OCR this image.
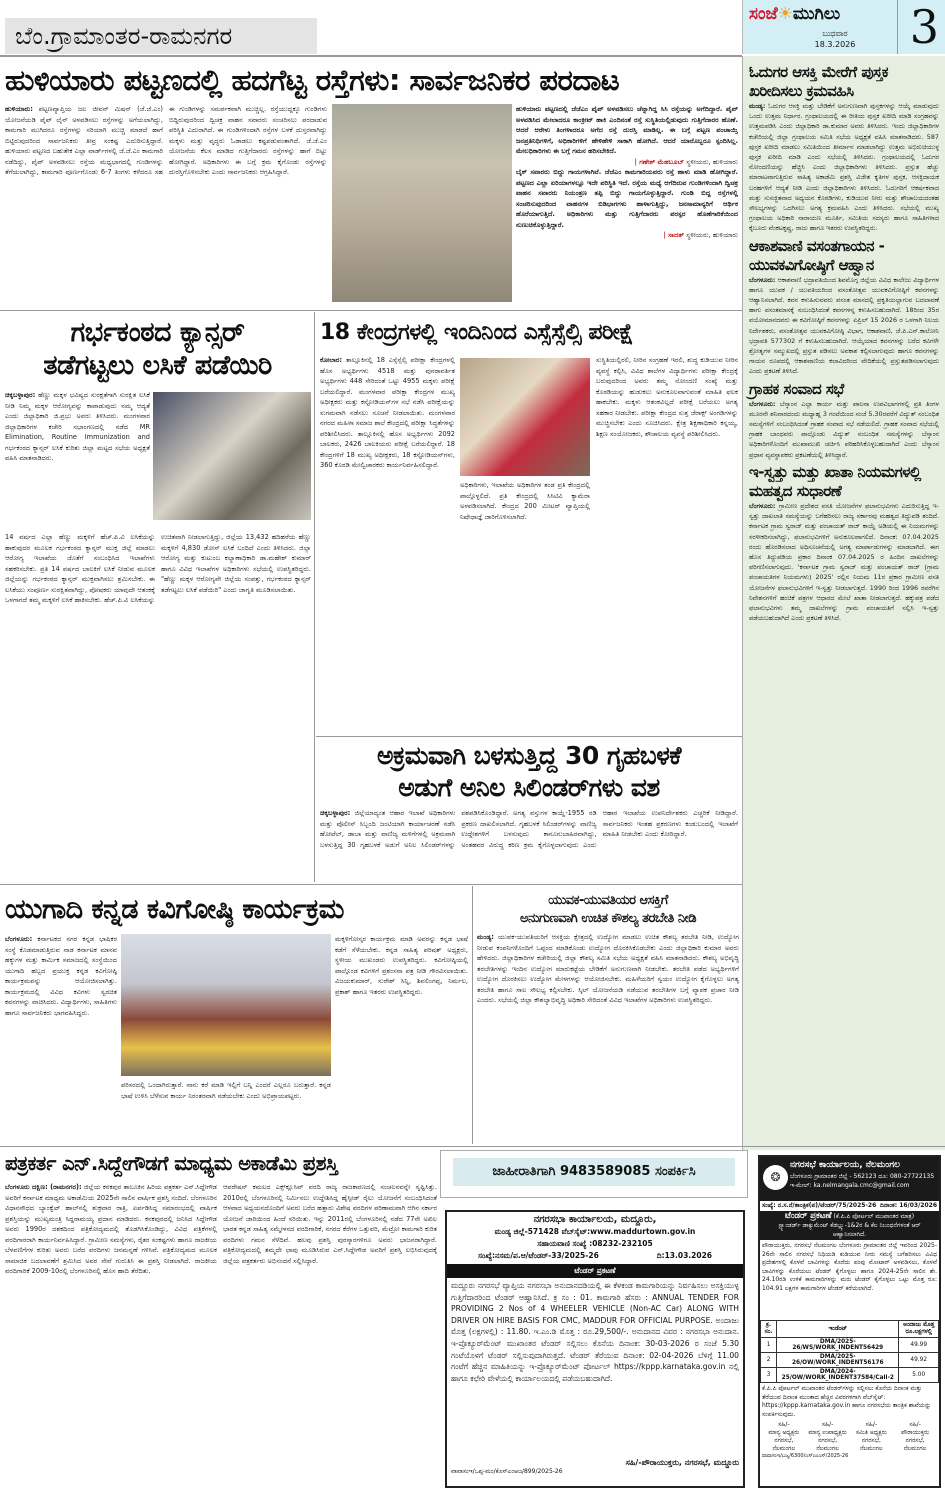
ಬೆಂ.ಗ್ರಾಮಾಂತರ-ರಾಮನಗರ
ಸಂಜೆ☀ಮುಗಿಲು
ಬುಧವಾರ
18.3.2026 3
ಓದುಗರ ಆಸಕ್ತಿ ಮೇರೆಗೆ ಪುಸ್ತಕ ಖರೀದಿಸಲು ಕ್ರಮವಹಿಸಿ
ಮಂಡ್ಯ: ಓದುಗರ ಆಸಕ್ತಿ ಮತ್ತು ಬೇಡಿಕೆಗೆ ಅನುಗುಣವಾಗಿ ಪುಸ್ತಕಗಳನ್ನು ಆಯ್ಕೆ ಮಾಡುವುದು ಒಂದು ಉತ್ತಮ ನಿರ್ಧಾರ. ಗ್ರಂಥಾಲಯದಲ್ಲಿ ಈ ರೀತಿಯ ಪುಸ್ತಕ ಖರೀದಿ ಮಾಡಿ ಸಂಗ್ರಹವನ್ನು ಉತ್ತಮಪಡಿಸಿ ಎಂದು ಜಿಲ್ಲಾಧಿಕಾರಿ ಡಾ.ಕುಮಾರ ಅವರು ತಿಳಿಸಿದರು. ಇಂದು ಜಿಲ್ಲಾಧಿಕಾರಿಗಳ ಕಚೇರಿಯಲ್ಲಿ ಜಿಲ್ಲಾ ಗ್ರಂಥಾಲಯ ಸಮಿತಿ ಸಭೆಯ ಅಧ್ಯಕ್ಷತೆ ವಹಿಸಿ ಮಾತನಾಡಿದರು. 587 ಪುಸ್ತಕ ಖರೀದಿ ಮಾಡಲು ಸಮಿತಿಯಿಂದ ತೀರ್ಮಾನ ಮಾಡಲಾಗಿದ್ದು ಉತ್ತಮ ಅಭಿರುಚಿಯುಳ್ಳ ಪುಸ್ತಕ ಖರೀದಿ ಮಾಡಿ ಎಂದು ಸಭೆಯಲ್ಲಿ ತಿಳಿಸಿದರು. ಗ್ರಂಥಾಲಯದಲ್ಲಿ ಓದುಗರ ನೋಂದಣಿಯನ್ನು ಹೆಚ್ಚಿಸಿ ಎಂದು ಜಿಲ್ಲಾಧಿಕಾರಿಗಳು ತಿಳಿಸಿದರು. ಪ್ರಸ್ತುತ ಹೆಚ್ಚು ಮಾರಾಟವಾಗುತ್ತಿರುವ ಸಾಹಿತ್ಯ ಅಕಾಡೆಮಿ ಪ್ರಶಸ್ತಿ ವಿಜೇತ ಕೃತಿಗಳ ಪುಸ್ತಕ, ಆಸಕ್ತಿದಾಯಕ ಬರಹಗಳಿಗೆ ಆದ್ಯತೆ ನೀಡಿ ಎಂದು ಜಿಲ್ಲಾಧಿಕಾರಿಗಳು ತಿಳಿಸಿದರು. ಓದುಗರಿಗೆ ಆಕರ್ಷಕವಾದ ಮತ್ತು ಸುಸಜ್ಜಿತವಾದ ಅಧ್ಯಯನ ಕೊಠಡಿಗಳು, ಕುಡಿಯುವ ನೀರು ಮತ್ತು ಶೌಚಾಲಯದಂತಹ ಸೌಲಭ್ಯಗಳನ್ನು ಒದಗಿಸಲು ಅಗತ್ಯ ಕ್ರಮವಹಿಸಿ ಎಂದು ತಿಳಿಸಿದರು. ಸಭೆಯಲ್ಲಿ ಮುಖ್ಯ ಗ್ರಂಥಾಲಯ ಅಧಿಕಾರಿ ನಾರಾಯಣ ಮೂರ್ತಿ, ಸಮಿತಿಯ ಸದಸ್ಯರು ಹಾಗೂ ಸಾಹಿತಿಗಳಾದ ಕೈಬೂರು ವೆಂಕಟಕೃಷ್ಣ, ರಾಜು ಹಾಗೂ ಇತರರು ಉಪಸ್ಥಿತರಿದ್ದರು.
ಆಕಾಶವಾಣಿ ವಸಂತಗಾಯನ - ಯುವಕವಿಗೋಷ್ಠಿಗೆ ಆಹ್ವಾನ
ಬೆಂಗಳೂರು: ಆಕಾಶವಾಣಿ ಭದ್ರಾವತಿಯಿಂದ ಶಿವಮೊಗ್ಗ ಜಿಲ್ಲೆಯ ವಿವಿಧ ಕಾಲೇಜು ವಿದ್ಯಾರ್ಥಿಗಳ ಹಾಗೂ ಯುವಕ / ಯುವತಿಯರಿಂದ ವಸಂತೋತ್ಸವ ಯುವಕವಿಗೋಷ್ಠಿಗೆ ಕವನಗಳನ್ನು ಆಹ್ವಾನಿಸಲಾಗಿದೆ. ಕವನ ಕಳುಹಿಸುವವರು ವಸಂತ ಮಾಸದಲ್ಲಿ ಪ್ರಕೃತಿಯಲ್ಲಾಗುವ ಬದಲಾವಣೆ ಹಾಗು ವಸಂತಮಾಸಕ್ಕೆ ಸಂಬಂಧಿಸಿದಂತೆ ಕವನಗಳನ್ನ ಕಳುಹಿಸಬಹುದಾಗಿದೆ. 18ರಿಂದ 35ರ ವಯೋಮಾನದವರು ಈ ಕವಿಗೋಷ್ಠಿಗೆ ಕವನಗಳನ್ನು ಏಪ್ರಿಲ್ 15 2026 ರ ಒಳಗಾಗಿ ನಿಲಯ ನಿರ್ದೇಶಕರು, ವಸಂತೋತ್ಸವ ಯುವಕವಿಗೋಷ್ಠಿ ವಿಭಾಗ, ಆಕಾಶವಾಣಿ, ಜೆ.ಪಿ.ಎಸ್.ಕಾಲೋನಿ ಭದ್ರಾವತಿ 577302 ಗೆ ಕಳುಹಿಸಬಹುದಾಗಿದೆ. ಆಯ್ಕೆಯಾದ ಕವನಗಳನ್ನು ಬರೆದ ಕವಿಗಳೇ ಶ್ರೋತೃಗಳ ಸಮ್ಮುಖದಲ್ಲಿ ಪ್ರಸ್ತುತ ಪಡಿಸಲು ಅವಕಾಶ ಕಲ್ಪಿಸಲಾಗುವುದು ಹಾಗೂ ಕವನಗಳನ್ನು ಗಾಯನ ರೂಪದಲ್ಲಿ ಆಕಾಶವಾಣಿಯ ಕಲಾವಿದರಿಂದ ವೇದಿಕೆಯಲ್ಲಿ ಪ್ರಸ್ತುತಪಡಿಸಲಾಗುವುದು ಎಂದು ಪ್ರಕಟಣೆ ತಿಳಿಸಿದೆ.
ಗ್ರಾಹಕ ಸಂವಾದ ಸಭೆ
ಬೆಂಗಳೂರು: ಬೆಸ್ಕಾಂನ ಎಲ್ಲಾ ಕಾರ್ಯ ಮತ್ತು ಪಾಲನಾ ಉಪವಿಭಾಗಗಳಲ್ಲಿ ಪ್ರತಿ ತಿಂಗಳ ಮೂರನೇ ಶನಿವಾರದಂದು ಮಧ್ಯಾಹ್ನ 3 ಗಂಟೆಯಿಂದ ಸಂಜೆ 5.30ರವರೆಗೆ ವಿದ್ಯುತ್ ಸಂಬಂಧಿತ ಸಮಸ್ಯೆಗಳಿಗೆ ಸಂಬಂಧಿಸಿದಂತೆ ಗ್ರಾಹಕ ಸಂವಾದ ಸಭೆ ನಡೆಯಲಿದೆ. ಗ್ರಾಹಕ ಸಂವಾದ ಸಭೆಯಲ್ಲಿ ಗ್ರಾಹಕ ಬಾಂಧವರು ಪಾಲ್ಗೊಂಡು ವಿದ್ಯುತ್ ಸಂಬಂಧಿತ ಸಮಸ್ಯೆಗಳನ್ನು ಬೆಸ್ಕಾಂನ ಅಧಿಕಾರಿಗಳೊಂದಿಗೆ ಮುಖಾಮುಖಿ ಚರ್ಚಿಸಿ ಪರಿಹರಿಸಿಕೊಳ್ಳಬಹುದಾಗಿದೆ ಎಂದು ಬೆಸ್ಕಾಂನ ಪ್ರಧಾನ ವ್ಯವಸ್ಥಾಪಕರು ಪ್ರಕಟಣೆಯಲ್ಲಿ ತಿಳಿಸಿದ್ದಾರೆ.
ಇ-ಸ್ವತ್ತು ಮತ್ತು ಖಾತಾ ನಿಯಮಗಳಲ್ಲಿ ಮಹತ್ವದ ಸುಧಾರಣೆ
ಬೆಂಗಳೂರು: ಗ್ರಾಮೀಣ ಪ್ರದೇಶದ ವಸತಿ ಯೋಜನೆಗಳ ಫಲಾನುಭವಿಗಳು ಎದುರಿಸುತ್ತಿದ್ದ ಇ-ಸ್ವತ್ತು ದಾಖಲಾತಿ ಸಮಸ್ಯೆಯನ್ನು ಬಗೆಹರಿಸಲು ರಾಜ್ಯ ಸರ್ಕಾರವು ಮಹತ್ವದ ತಿದ್ದುಪಡಿ ತಂದಿದೆ. ಕರ್ನಾಟಕ ಗ್ರಾಮ ಸ್ವರಾಜ್ ಮತ್ತು ಪಂಚಾಯತ್ ರಾಜ್ ಕಾಯ್ದೆ ಅಡಿಯಲ್ಲಿ ಈ ನಿಯಮಗಳನ್ನು ಸರಳೀಕರಿಸಲಾಗಿದ್ದು, ಫಲಾನುಭವಿಗಳಿಗೆ ಅನುಕೂಲವಾಗಲಿದೆ. ದಿನಾಂಕ: 07.04.2025 ರಂದು ಹೊರಡಿಸಲಾದ ಅಧಿಸೂಚನೆಯಲ್ಲಿ ಅಗತ್ಯ ಮಾರ್ಪಾಡುಗಳನ್ನು ಮಾಡಲಾಗಿದೆ. ಈಗ ಹೊಸ ತಿದ್ದುಪಡಿಯ ಪ್ರಕಾರ ದಿನಾಂಕ 07.04.2025 ರ ಹಿಂದಿನ ದಾಖಲೆಗಳನ್ನು ಪರಿಗಣಿಸಲಾಗುವುದು. 'ಕರ್ನಾಟಕ ಗ್ರಾಮ ಸ್ವರಾಜ್ ಮತ್ತು ಪಂಚಾಯತ್ ರಾಜ್ (ಗ್ರಾಮ ಪಂಚಾಯತಿಗಳ ನಿಯಮಗಳು) 2025' ರಲ್ಲಿನ ನಿಯಮ 11ರ ಪ್ರಕಾರ ಗ್ರಾಮೀಣ ವಸತಿ ಯೋಜನೆಗಳ ಫಲಾನುಭವಿಗಳಿಗೆ ಇ-ಸ್ವತ್ತು ನೀಡಲಾಗುತ್ತದೆ. 1990 ರಿಂದ 1996 ರವರೆಗಿನ ನಿವೇಶನಗಳಿಗೆ ಹಂಚಿಕೆ ಪತ್ರಗಳ ಆಧಾರದ ಮೇಲೆ ಖಾತಾ ನೀಡಲಾಗುತ್ತದೆ. ಹಕ್ಕುಪತ್ರ ಪಡೆದ ಫಲಾನುಭವಿಗಳು ತಮ್ಮ ದಾಖಲೆಗಳನ್ನು ಗ್ರಾಮ ಪಂಚಾಯತಿಗೆ ಸಲ್ಲಿಸಿ ಇ-ಸ್ವತ್ತು ಪಡೆಯಬಹುದಾಗಿದೆ ಎಂದು ಪ್ರಕಟಣೆ ತಿಳಿಸಿದೆ.
ಹುಳಿಯಾರು ಪಟ್ಟಣದಲ್ಲಿ ಹದಗೆಟ್ಟ ರಸ್ತೆಗಳು: ಸಾರ್ವಜನಿಕರ ಪರದಾಟ
ಹುಳಿಯಾರು: ಪಟ್ಟಣವ್ಯಾಪ್ತಿಯ ಜಲ ಜೀವನ್ ಮಿಷನ್ (ಜೆ.ಜೆ.ಎಂ) ಯೋಜನೆಯಡಿ ಪೈಪ್ ಲೈನ್ ಅಳವಡಿಸಲು ರಸ್ತೆಗಳನ್ನು ಅಗೆಯಲಾಗಿದ್ದು, ಕಾಮಗಾರಿ ಮುಗಿದರೂ ರಸ್ತೆಗಳನ್ನು ಸರಿಯಾಗಿ ಮುಚ್ಚಿ ಮಾಡದೆ ಹಾಗೆ ಬಿಟ್ಟಿರುವುದರಿಂದ ಸಾರ್ವಜನಿಕರು ತೀವ್ರ ಸಂಕಷ್ಟ ಎದುರಿಸುತ್ತಿದ್ದಾರೆ. ಹುಳಿಯಾರು ಪಟ್ಟಣದ ಬಹುತೇಕ ಎಲ್ಲಾ ವಾರ್ಡ್‌ಗಳಲ್ಲಿ ಜೆ.ಜೆ.ಎಂ ಕಾಮಗಾರಿ ನಡೆದಿದ್ದು, ಪೈಪ್ ಅಳವಡಿಸಲು ರಸ್ತೆಯ ಮಧ್ಯಭಾಗದಲ್ಲಿ ಗುಂಡಿಗಳನ್ನು ತೆಗೆಯಲಾಗಿದ್ದು, ಕಾಮಗಾರಿ ಪೂರ್ಣಗೊಂಡು 6-7 ತಿಂಗಳು ಕಳೆದರೂ ಸಹ ಈ ಗುಂಡಿಗಳನ್ನು ಸಮರ್ಪಕವಾಗಿ ಮುಚ್ಚಿಲ್ಲ. ರಸ್ತೆಯುದ್ದಕ್ಕೂ ಗುಂಡಿಗಳು ಬಿದ್ದಿರುವುದರಿಂದ ದ್ವಿಚಕ್ರ ವಾಹನ ಸವಾರರು ಸಂಚರಿಸಲು ಪರದಾಡುವ ಪರಿಸ್ಥಿತಿ ಎದುರಾಗಿದೆ. ಈ ಗುಂಡಿಗಳಿಂದಾಗಿ ರಸ್ತೆಗಳ ಬಳಕೆ ದುಸ್ತರವಾಗಿದ್ದು ಮಕ್ಕಳು ಮತ್ತು ವೃದ್ಧರು ಓಡಾಡಲು ಕಷ್ಟಪಡುವಂತಾಗಿದೆ. ಜೆ.ಜೆ.ಎಂ ಯೋಜನೆಯ ಕೆಲಸ ಮಾಡಿದ ಗುತ್ತಿಗೆದಾರರು ರಸ್ತೆಗಳನ್ನು ಹಾಗೆ ಬಿಟ್ಟು ಹೋಗಿದ್ದಾರೆ. ಅಧಿಕಾರಿಗಳು ಈ ಬಗ್ಗೆ ಕ್ರಮ ಕೈಗೊಂಡು ರಸ್ತೆಗಳನ್ನು ದುರಸ್ತಿಗೊಳಿಸಬೇಕು ಎಂದು ಸಾರ್ವಜನಿಕರು ಆಗ್ರಹಿಸಿದ್ದಾರೆ.
ಹುಳಿಯಾರು ಪಟ್ಟಣದಲ್ಲಿ ಜೆಜೆಎಂ ಪೈಪ್ ಅಳವಡಿಸಲು ಚೆನ್ನಾಗಿದ್ದ ಸಿಸಿ ರಸ್ತೆಯನ್ನು ಅಗೆದಿದ್ದಾರೆ. ಪೈಪ್ ಅಳವಡಿಸಿದ ಮೇಲಾದರೂ ಕಾಂಕ್ರೀಟ್ ಹಾಕಿ ಎಂದಿನಂತೆ ರಸ್ತೆ ಸುಸ್ಥಿತಿಯಲ್ಲಿಡುವುದು ಗುತ್ತಿಗೆದಾರರ ಹೊಣೆ. ಆದರೆ ಆರೇಳು ತಿಂಗಳಾದರೂ ಅಗೆದ ರಸ್ತೆ ದುರಸ್ತಿ ಮಾಡಿಲ್ಲ. ಈ ಬಗ್ಗೆ ಪಟ್ಟಣ ಪಂಚಾಯ್ತಿ ಜನಪ್ರತಿನಿಧಿಗಳಿಗೆ, ಅಧಿಕಾರಿಗಳಿಗೆ ಹೇಳಿಹೇಳಿ ಸಾಕಾಗಿ ಹೋಗಿದೆ. ಆದರೆ ಯಾರೊಬ್ಬರೂ ಸ್ಪಂದಿಸಿಲ್ಲ. ಮೇಲಧಿಕಾರಿಗಳು ಈ ಬಗ್ಗೆ ಗಮನ ಹರಿಸಬೇಕಿದೆ.
| ಗಣೇಶ್ ಮೆಹಬೂಬ್ ಸ್ಥಳೀಯರು, ಹುಳಿಯಾರು
ಬೈಕ್ ಸವಾರರು ಬಿದ್ದು ಗಾಯಗಳಾಗಿವೆ. ಜೆಜೆಎಂ ಕಾಮಗಾರಿಯವರು ರಸ್ತೆ ಹಾಳು ಮಾಡಿ ಹೋಗಿದ್ದಾರೆ. ಪಟ್ಟಣದ ಎಲ್ಲಾ ಏರಿಯಾಗಳಲ್ಲೂ ಇದೇ ಪರಿಸ್ಥಿತಿ ಇದೆ. ರಸ್ತೆಯ ಮಧ್ಯೆ ಆಗೆದಿರುವ ಗುಂಡಿಗಳಿಂದಾಗಿ ದ್ವಿಚಕ್ರ ವಾಹನ ಸವಾರರು ನಿಯಂತ್ರಣ ತಪ್ಪಿ ಬಿದ್ದು ಗಾಯಗೊಳ್ಳುತ್ತಿದ್ದಾರೆ. ಗುಂಡಿ ಬಿದ್ದ ರಸ್ತೆಗಳಲ್ಲಿ ಸಂಚರಿಸುವುದರಿಂದ ವಾಹನಗಳ ಬಿಡಿಭಾಗಗಳು ಹಾಳಾಗುತ್ತಿದ್ದು, ಜನಸಾಮಾನ್ಯರಿಗೆ ಆರ್ಥಿಕ ಹೊರೆಯಾಗುತ್ತಿದೆ. ಅಧಿಕಾರಿಗಳು ಮತ್ತು ಗುತ್ತಿಗೆದಾರರು ಪರಸ್ಪರ ಹೊಣೆಗಾರಿಕೆಯಿಂದ ನುಣುಚಿಕೊಳ್ಳುತ್ತಿದ್ದಾರೆ.
| ಸಾದತ್ ಸ್ಥಳೀಯರು, ಹುಳಿಯಾರು
ಗರ್ಭಕಂಠದ ಕ್ಯಾನ್ಸರ್
ತಡೆಗಟ್ಟಲು ಲಸಿಕೆ ಪಡೆಯಿರಿ
ಚಿಕ್ಕಬಳ್ಳಾಪುರ: ಹೆಣ್ಣು ಮಕ್ಕಳ ಭವಿಷ್ಯದ ಸುರಕ್ಷತೆಗಾಗಿ ಸುರಕ್ಷಿತ ಲಸಿಕೆ ನೀಡಿ ನಿಮ್ಮ ಮಕ್ಕಳ ಆರೋಗ್ಯವನ್ನು ಕಾಪಾಡುವುದು ನಮ್ಮ ಆದ್ಯತೆ ಎಂದು ಜಿಲ್ಲಾಧಿಕಾರಿ ಜಿ.ಪ್ರಭು ಅವರು ತಿಳಿಸಿದರು. ಮಂಗಳವಾರ ಜಿಲ್ಲಾಧಿಕಾರಿಗಳ ಕಚೇರಿ ಸಭಾಂಗಣದಲ್ಲಿ ನಡೆದ MR Elimination, Routine Immunization and ಗರ್ಭಕಂಠದ ಕ್ಯಾನ್ಸರ್ ಲಸಿಕೆ ಕುರಿತು ಜಿಲ್ಲಾ ಮಟ್ಟದ ಸಭೆಯ ಅಧ್ಯಕ್ಷತೆ ವಹಿಸಿ ಮಾತನಾಡಿದರು.
14 ವರ್ಷದ ಎಲ್ಲಾ ಹೆಣ್ಣು ಮಕ್ಕಳಿಗೆ ಹೆಚ್.ಪಿ.ವಿ ಲಸಿಕೆಯನ್ನು ಹಾಕುವುದರ ಮೂಲಕ ಗರ್ಭಕಂಠದ ಕ್ಯಾನ್ಸರ್ ಮುಕ್ತ ಜಿಲ್ಲೆ ಮಾಡಲು ಆರೋಗ್ಯ ಇಲಾಖೆಯ ಜೊತೆಗೆ ಸಂಬಂಧಿಸಿದ ಇಲಾಖೆಗಳು ಸಹಕರಿಸಬೇಕು. ಪ್ರತಿ 14 ವರ್ಷದ ಬಾಲಕಿಗೆ ಲಸಿಕೆ ನೀಡುವ ಮೂಲಕ ಜಿಲ್ಲೆಯನ್ನು ಗರ್ಭಕಂಠದ ಕ್ಯಾನ್ಸರ್ ಮುಕ್ತವಾಗಿಸಲು ಶ್ರಮಿಸಬೇಕು. ಈ ಲಸಿಕೆಯು ಸಂಪೂರ್ಣ ಸುರಕ್ಷಿತವಾಗಿದ್ದು, ಪೋಷಕರು ಯಾವುದೇ ಆತಂಕಕ್ಕೆ ಒಳಗಾಗದೆ ತಮ್ಮ ಮಕ್ಕಳಿಗೆ ಲಸಿಕೆ ಹಾಕಿಸಬೇಕು. ಹೆಚ್.ಪಿ.ವಿ ಲಸಿಕೆಯನ್ನು ಉಚಿತವಾಗಿ ನೀಡಲಾಗುತ್ತಿದ್ದು, ಜಿಲ್ಲೆಯ 13,432 ಹದಿಹರೆಯ ಹೆಣ್ಣು ಮಕ್ಕಳಿಗೆ 4,830 ಡೋಸ್ ಲಸಿಕೆ ಬಂದಿದೆ ಎಂದು ತಿಳಿಸಿದರು. ಜಿಲ್ಲಾ ಆರೋಗ್ಯ ಮತ್ತು ಕುಟುಂಬ ಕಲ್ಯಾಣಾಧಿಕಾರಿ ಡಾ.ಮಹೇಶ್ ಕುಮಾರ್ ಹಾಗೂ ವಿವಿಧ ಇಲಾಖೆಗಳ ಅಧಿಕಾರಿಗಳು ಸಭೆಯಲ್ಲಿ ಉಪಸ್ಥಿತರಿದ್ದರು. "ಹೆಣ್ಣು ಮಕ್ಕಳ ಆರೋಗ್ಯವೇ ಜಿಲ್ಲೆಯ ಸಂಪತ್ತು, ಗರ್ಭಕಂಠದ ಕ್ಯಾನ್ಸರ್ ತಡೆಗಟ್ಟಲು ಲಸಿಕೆ ಪಡೆಯಿರಿ" ಎಂದು ಜಾಗೃತಿ ಮೂಡಿಸಲಾಯಿತು.
18 ಕೇಂದ್ರಗಳಲ್ಲಿ ಇಂದಿನಿಂದ ಎಸ್ಸೆಸ್ಸೆಲ್ಸಿ ಪರೀಕ್ಷೆ
ಕೋಲಾರ: ತಾಲ್ಲೂಕಿನಲ್ಲಿ 18 ಎಸ್ಸೆಸ್ಸೆಲ್ಸಿ ಪರೀಕ್ಷಾ ಕೇಂದ್ರಗಳಲ್ಲಿ ಹೊಸ ಅಭ್ಯರ್ಥಿಗಳು 4518 ಮತ್ತು ಪುನರಾವರ್ತಿತ ಅಭ್ಯರ್ಥಿಗಳು 448 ಸೇರಿದಂತೆ ಒಟ್ಟು 4955 ಮಕ್ಕಳು ಪರೀಕ್ಷೆ ಬರೆಯಲಿದ್ದಾರೆ. ಮಂಗಳವಾರ ಪರೀಕ್ಷಾ ಕೇಂದ್ರಗಳ ಮುಖ್ಯ ಅಧೀಕ್ಷಕರು ಮತ್ತು ಕಸ್ಟೋಡಿಯನ್‌ಗಳ ಸಭೆ ನಡೆಸಿ ಪರೀಕ್ಷೆಯನ್ನು ಸುಗಮವಾಗಿ ನಡೆಸಲು ಸೂಚನೆ ನೀಡಲಾಯಿತು. ಮಂಗಳವಾರ ನಗರದ ಮಹಿಳಾ ಸಮಾಜ ಶಾಲೆ ಕೇಂದ್ರದಲ್ಲಿ ಪರೀಕ್ಷಾ ಸಿದ್ಧತೆಗಳನ್ನು ಪರಿಶೀಲಿಸಿದರು. ತಾಲ್ಲೂಕಿನಲ್ಲಿ ಹೊಸ ಅಭ್ಯರ್ಥಿಗಳು 2092 ಬಾಲಕರು, 2426 ಬಾಲಕಿಯರು ಪರೀಕ್ಷೆ ಬರೆಯಲಿದ್ದಾರೆ. 18 ಕೇಂದ್ರಗಳಿಗೆ 18 ಮುಖ್ಯ ಅಧೀಕ್ಷಕರು, 18 ಕಸ್ಟೋಡಿಯನ್‌ಗಳು, 360 ಕೊಠಡಿ ಮೇಲ್ವಿಚಾರಕರು ಕಾರ್ಯನಿರ್ವಹಿಸಲಿದ್ದಾರೆ.
ಅಧಿಕಾರಿಗಳು, ಇಲಾಖೆಯ ಅಧಿಕಾರಿಗಳ ತಂಡ ಪ್ರತಿ ಕೇಂದ್ರದಲ್ಲಿ ಪಾಲ್ಗೊಳ್ಳಲಿದೆ. ಪ್ರತಿ ಕೇಂದ್ರದಲ್ಲಿ ಸಿಸಿಟಿವಿ ಕ್ಯಾಮೆರಾ ಅಳವಡಿಸಲಾಗಿದೆ. ಕೇಂದ್ರದ 200 ಮೀಟರ್ ವ್ಯಾಪ್ತಿಯಲ್ಲಿ ನಿಷೇಧಾಜ್ಞೆ ಜಾರಿಗೊಳಿಸಲಾಗಿದೆ.
ಸುಸ್ಥಿತಿಯಲ್ಲಿರಲಿ, ನೀರಿನ ಸಂಗ್ರಹಣೆ ಇರಲಿ, ಶುದ್ಧ ಕುಡಿಯುವ ನೀರಿನ ವ್ಯವಸ್ಥೆ ಕಲ್ಪಿಸಿ, ವಿವಿಧ ಶಾಲೆಗಳ ವಿದ್ಯಾರ್ಥಿಗಳು ಪರೀಕ್ಷಾ ಕೇಂದ್ರಕ್ಕೆ ಬರುವುದರಿಂದ ಅವರು ತಮ್ಮ ನೋಂದಣಿ ಸಂಖ್ಯೆ ಮತ್ತು ಕೊಠಡಿಯನ್ನು ಹುಡುಕಲು ಅನುಕೂಲವಾಗುವಂತೆ ಮಾಹಿತಿ ಫಲಕ ಹಾಕಬೇಕು. ಮಕ್ಕಳು ಆತಂಕವಿಲ್ಲದೆ ಪರೀಕ್ಷೆ ಬರೆಯಲು ಅಗತ್ಯ ಸಹಕಾರ ನೀಡಬೇಕು. ಪರೀಕ್ಷಾ ಕೇಂದ್ರದ ಸುತ್ತ ಜೆರಾಕ್ಸ್ ಅಂಗಡಿಗಳನ್ನು ಮುಚ್ಚಿಸಬೇಕು ಎಂದು ಸೂಚಿಸಿದರು. ಕ್ಷೇತ್ರ ಶಿಕ್ಷಣಾಧಿಕಾರಿ ಕನ್ನಯ್ಯ, ಶಿಕ್ಷಣ ಸಂಯೋಜಕರು, ಶೌಚಾಲಯ ವ್ಯವಸ್ಥೆ ಪರಿಶೀಲಿಸಿದರು.
ಅಕ್ರಮವಾಗಿ ಬಳಸುತ್ತಿದ್ದ 30 ಗೃಹಬಳಕೆ
ಅಡುಗೆ ಅನಿಲ ಸಿಲಿಂಡರ್‌ಗಳು ವಶ
ಚಿಕ್ಕಬಳ್ಳಾಪುರ: ಜಿಲ್ಲೆಯಾದ್ಯಂತ ಆಹಾರ ಇಲಾಖೆ ಅಧಿಕಾರಿಗಳು ಮತ್ತು ಪೊಲೀಸ್ ಸಿಬ್ಬಂದಿ ಜಂಟಿಯಾಗಿ ಕಾರ್ಯಾಚರಣೆ ನಡೆಸಿ ಹೋಟೆಲ್, ಡಾಬಾ ಮತ್ತು ವಾಣಿಜ್ಯ ಮಳಿಗೆಗಳಲ್ಲಿ ಅಕ್ರಮವಾಗಿ ಬಳಸುತ್ತಿದ್ದ 30 ಗೃಹಬಳಕೆ ಅಡುಗೆ ಅನಿಲ ಸಿಲಿಂಡರ್‌ಗಳನ್ನು ವಶಪಡಿಸಿಕೊಂಡಿದ್ದಾರೆ. ಅಗತ್ಯ ವಸ್ತುಗಳ ಕಾಯ್ದೆ-1955 ರಡಿ ಪ್ರಕರಣ ದಾಖಲಿಸಲಾಗಿದೆ. ಗೃಹಬಳಕೆ ಸಿಲಿಂಡರ್‌ಗಳನ್ನು ವಾಣಿಜ್ಯ ಉದ್ದೇಶಗಳಿಗೆ ಬಳಸುವುದು ಕಾನೂನುಬಾಹಿರವಾಗಿದ್ದು, ಅಂತಹವರ ವಿರುದ್ಧ ಕಠಿಣ ಕ್ರಮ ಕೈಗೊಳ್ಳಲಾಗುವುದು ಎಂದು ಆಹಾರ ಇಲಾಖೆಯ ಉಪನಿರ್ದೇಶಕರು ಎಚ್ಚರಿಕೆ ನೀಡಿದ್ದಾರೆ. ಸಾರ್ವಜನಿಕರು ಇಂತಹ ಪ್ರಕರಣಗಳು ಕಂಡುಬಂದಲ್ಲಿ ಇಲಾಖೆಗೆ ಮಾಹಿತಿ ನೀಡಬೇಕು ಎಂದು ಕೋರಿದ್ದಾರೆ.
ಯುಗಾದಿ ಕನ್ನಡ ಕವಿಗೋಷ್ಠಿ ಕಾರ್ಯಕ್ರಮ
ಬೆಂಗಳೂರು: ಕರ್ನಾಟಕದ ನಗರ ಕನ್ನಡ ಭಾಷಿಕರ ಸಂಸ್ಥೆ ಕೊಡಮಾಡುತ್ತಿರುವ ನಾಡ ಕರ್ನಾಟಕ ಮಾನವ ಹಕ್ಕುಗಳ ಮತ್ತು ಕಾರ್ಮಿಕ ಸಮಾಜದಲ್ಲಿ ಸಂಸ್ಥೆಯಿಂದ ಯುಗಾದಿ ಹಬ್ಬದ ಪ್ರಯುಕ್ತ ಕನ್ನಡ ಕವಿಗೋಷ್ಠಿ ಕಾರ್ಯಕ್ರಮವನ್ನು ಆಯೋಜಿಸಲಾಗಿತ್ತು. ಕಾರ್ಯಕ್ರಮದಲ್ಲಿ ವಿವಿಧ ಕವಿಗಳು ಸ್ವರಚಿತ ಕವನಗಳನ್ನು ವಾಚಿಸಿದರು. ವಿದ್ಯಾರ್ಥಿಗಳು, ಸಾಹಿತಿಗಳು ಹಾಗೂ ಸಾರ್ವಜನಿಕರು ಭಾಗವಹಿಸಿದ್ದರು.
ಪರಿಸರದಲ್ಲಿ ಒಂದಾಗಿರುತ್ತಾರೆ. ನಾನು ಕರೆ ಮಾಡಿ ಇಲ್ಲಿಗೆ ಬನ್ನಿ ಎಂದರೆ ಎಲ್ಲರೂ ಬರುತ್ತಾರೆ. ಕನ್ನಡ ಭಾಷೆ ಉಳಿಸಿ ಬೆಳೆಸುವ ಕಾರ್ಯ ನಿರಂತರವಾಗಿ ನಡೆಯಬೇಕು ಎಂದು ಅಭಿಪ್ರಾಯಪಟ್ಟರು.
ಮಕ್ಕಳಿಗೋಸ್ಕರ ಕಾರ್ಯಕ್ರಮ ಮಾಡಿ ಅವರನ್ನು ಕನ್ನಡ ಭಾಷೆ ಕಡೆಗೆ ಸೆಳೆಯಬೇಕು. ಕನ್ನಡ ಸಾಹಿತ್ಯ ಪರಿಷತ್ ಅಧ್ಯಕ್ಷರು, ಸ್ಥಳೀಯ ಮುಖಂಡರು ಉಪಸ್ಥಿತರಿದ್ದರು. ಕವಿಗೋಷ್ಠಿಯಲ್ಲಿ ಪಾಲ್ಗೊಂಡ ಕವಿಗಳಿಗೆ ಪ್ರಶಂಸನಾ ಪತ್ರ ನೀಡಿ ಗೌರವಿಸಲಾಯಿತು. ವಿಜಯಕುಮಾರ್, ಸುರೇಶ್ ಸಿನ್ನಿ, ಶಿವಲಿಂಗಪ್ಪ, ನಿರ್ಮಲ, ಪ್ರಕಾಶ್ ಹಾಗೂ ಇತರರು ಉಪಸ್ಥಿತರಿದ್ದರು.
ಯುವಕ-ಯುವತಿಯರ ಆಸಕ್ತಿಗೆ
ಅನುಗುಣವಾಗಿ ಉಚಿತ ಕೌಶಲ್ಯ ತರಬೇತಿ ನೀಡಿ
ಮಂಡ್ಯ: ಯುವಕ-ಯುವತಿಯರಿಗೆ ಆಸಕ್ತಿಯ ಕ್ಷೇತ್ರದಲ್ಲಿ ಉದ್ಯೋಗ ಮಾಡಲು ಉಚಿತ ಕೌಶಲ್ಯ ತರಬೇತಿ ನೀಡಿ, ಉದ್ಯೋಗ ನೀಡುವ ಕಂಪನಿಗಳೊಂದಿಗೆ ಒಪ್ಪಂದ ಮಾಡಿಕೊಂಡು ಉದ್ಯೋಗ ದೊರಕಿಸಿಕೊಡಬೇಕು ಎಂದು ಜಿಲ್ಲಾಧಿಕಾರಿ ಕುಮಾರ ಅವರು ಹೇಳಿದರು. ಜಿಲ್ಲಾಧಿಕಾರಿಗಳ ಕಚೇರಿಯಲ್ಲಿ ಜಿಲ್ಲಾ ಕೌಶಲ್ಯ ಸಮಿತಿ ಸಭೆಯ ಅಧ್ಯಕ್ಷತೆ ವಹಿಸಿ ಮಾತನಾಡಿದರು. ಕೌಶಲ್ಯ ಅಭಿವೃದ್ಧಿ ತರಬೇತಿಗಳನ್ನು ಇಂದಿನ ಉದ್ಯೋಗ ಮಾರುಕಟ್ಟೆಯ ಬೇಡಿಕೆಗೆ ಅನುಗುಣವಾಗಿ ನೀಡಬೇಕು. ತರಬೇತಿ ಪಡೆದ ಅಭ್ಯರ್ಥಿಗಳಿಗೆ ಉದ್ಯೋಗ ದೊರಕಿಸಲು ಉದ್ಯೋಗ ಮೇಳಗಳನ್ನು ಆಯೋಜಿಸಬೇಕು. ಮಹಿಳೆಯರಿಗೆ ಸ್ವಯಂ ಉದ್ಯೋಗ ಕೈಗೊಳ್ಳಲು ಅಗತ್ಯ ತರಬೇತಿ ಹಾಗೂ ಸಾಲ ಸೌಲಭ್ಯ ಕಲ್ಪಿಸಬೇಕು. ಸ್ಕಿಲ್ ಯೋಜನೆಯಡಿ ನಡೆಯುವ ತರಬೇತಿಗಳ ಬಗ್ಗೆ ವ್ಯಾಪಕ ಪ್ರಚಾರ ನೀಡಿ ಎಂದರು. ಸಭೆಯಲ್ಲಿ ಜಿಲ್ಲಾ ಕೌಶಲ್ಯಾಭಿವೃದ್ಧಿ ಅಧಿಕಾರಿ ಸೇರಿದಂತೆ ವಿವಿಧ ಇಲಾಖೆಗಳ ಅಧಿಕಾರಿಗಳು ಉಪಸ್ಥಿತರಿದ್ದರು.
ಪತ್ರಕರ್ತ ಎನ್.ಸಿದ್ದೇಗೌಡಗೆ ಮಾಧ್ಯಮ ಅಕಾಡೆಮಿ ಪ್ರಶಸ್ತಿ
ಬೆಂಗಳೂರು ದಕ್ಷಿಣ: (ರಾಮನಗರ): ಜಿಲ್ಲೆಯ ಕನಕಪುರ ತಾಲೂಕಿನ ಹಿರಿಯ ಪತ್ರಕರ್ತ ಎನ್.ಸಿದ್ದೇಗೌಡ ಅವರಿಗೆ ಕರ್ನಾಟಕ ಮಾಧ್ಯಮ ಅಕಾಡೆಮಿಯ 2025ನೇ ಸಾಲಿನ ವಾರ್ಷಿಕ ಪ್ರಶಸ್ತಿ ಸಂದಿದೆ. ಬೆಂಗಳೂರಿನ ವಿಧಾನಸೌಧದ ಬ್ಯಾಂಕ್ವೆಟ್ ಹಾಲ್‌ನಲ್ಲಿ ಶುಕ್ರವಾರ ರಾತ್ರಿ, ಏರ್ಪಡಿಸಿದ್ದ ಸಮಾರಂಭದಲ್ಲಿ ವಾರ್ಷಿಕ ಪ್ರಶಸ್ತಿಯನ್ನು ಮುಖ್ಯಮಂತ್ರಿ ಸಿದ್ದರಾಮಯ್ಯ ಪ್ರದಾನ ಮಾಡಿದರು. ಕನಕಪುರದಲ್ಲಿ ಜನಿಸಿದ ಸಿದ್ದೇಗೌಡ ಅವರು 1990ರ ದಶಕದಿಂದ ಪತ್ರಿಕೋದ್ಯಮದಲ್ಲಿ ತೊಡಗಿಸಿಕೊಂಡಿದ್ದು, ವಿವಿಧ ಪತ್ರಿಕೆಗಳಲ್ಲಿ ವರದಿಗಾರರಾಗಿ ಕಾರ್ಯನಿರ್ವಹಿಸಿದ್ದಾರೆ. ಗ್ರಾಮೀಣ ಸಮಸ್ಯೆಗಳು, ರೈತರ ಸಂಕಷ್ಟಗಳು ಹಾಗೂ ರಾಜಕೀಯ ಬೆಳವಣಿಗೆಗಳ ಕುರಿತು ಅವರು ಬರೆದ ವರದಿಗಳು ಜನಮನ್ನಣೆ ಗಳಿಸಿವೆ. ಪತ್ರಿಕೋದ್ಯಮದ ಮೂಲಕ ಸಾಮಾಜಿಕ ಬದಲಾವಣೆಗೆ ಶ್ರಮಿಸಿದ ಅವರ ಸೇವೆ ಗುರುತಿಸಿ ಈ ಪ್ರಶಸ್ತಿ ನೀಡಲಾಗಿದೆ. ರಾಜಕೀಯ ವರದಿಗಾರಿಕೆ 2009-10ರಲ್ಲಿ ಬೆಂಗಳೂರಿನಲ್ಲಿ ಹೊಸ ಹಾದಿ ತೆರೆದಿತು.
ಆಪರೇಷನ್ ಕಮಲದ ಎಕ್ಸ್‌ಕ್ಲೂಸಿವ್ ವರದಿ ರಾಜ್ಯ ರಾಜಕಾರಣದಲ್ಲಿ ಸಂಚಲನವನ್ನೇ ಸೃಷ್ಟಿಸಿತ್ತು. 2010ರಲ್ಲಿ ಬೆಂಗಳೂರಿನಲ್ಲಿ ನಿರ್ಮಿಸಲು ಉದ್ದೇಶಿಸಿದ್ದ ಹೈಸ್ಪೀಡ್ ರೈಲು ಯೋಜನೆಗೆ ಸಂಬಂಧಿಸಿದಂತೆ ಆಳವಾದ ಅಧ್ಯಯನದೊಂದಿಗೆ ಅವರು ಬರೆದ ಹತ್ತಾರು ವಿಶೇಷ ವರದಿಗಳ ಪರಿಣಾಮವಾಗಿ ಆಗಿನ ಸರ್ಕಾರ ಯೋಜನೆ ಜಾರಿಯಿಂದ ಹಿಂದೆ ಸರಿಯಿತು. ಇನ್ನು 2011ರಲ್ಲಿ ಬೆಂಗಳೂರಿನಲ್ಲಿ ನಡೆದ 77ನೇ ಅಖಿಲ ಭಾರತ ಕನ್ನಡ ಸಾಹಿತ್ಯ ಸಮ್ಮೇಳನದ ವರದಿಗಾರಿಕೆ, ನಗರದ ಕೆರೆಗಳ ಒತ್ತುವರಿ, ಮೆಟ್ರೋ ಕಾಮಗಾರಿ ಕುರಿತ ವರದಿಗಳು ಗಮನ ಸೆಳೆದಿವೆ. ಹಲವು ಪ್ರಶಸ್ತಿ ಪುರಸ್ಕಾರಗಳಿಗೂ ಅವರು ಭಾಜನರಾಗಿದ್ದಾರೆ. ಪತ್ರಿಕೋದ್ಯಮದಲ್ಲಿ ತಮ್ಮದೇ ಛಾಪು ಮೂಡಿಸಿರುವ ಎನ್.ಸಿದ್ದೇಗೌಡ ಅವರಿಗೆ ಪ್ರಶಸ್ತಿ ಲಭಿಸಿರುವುದಕ್ಕೆ ಜಿಲ್ಲೆಯ ಪತ್ರಕರ್ತರು ಅಭಿನಂದನೆ ಸಲ್ಲಿಸಿದ್ದಾರೆ.
ಜಾಹೀರಾತಿಗಾಗಿ 9483589085 ಸಂಪರ್ಕಿಸಿ
ನಗರಸಭಾ ಕಾರ್ಯಾಲಯ, ಮದ್ದೂರು,
ಮಂಡ್ಯ ಜಿಲ್ಲೆ-571428 ವೆಬ್‌ಸೈಟ್:www.maddurtown.gov.in
ಸಹಾಯವಾಣಿ ಸಂಖ್ಯೆ :08232-232105
ಸಂಖ್ಯೆ:ನಸಮ/ಪ.ಆ/ಟೆಂಡರ್-33/2025-26	ದಿ:13.03.2026
ಟೆಂಡರ್ ಪ್ರಕಟಣೆ
ಮದ್ದೂರು ನಗರಸಭೆ ವ್ಯಾಪ್ತಿಯ ನಗರಸಭಾ ಅನುದಾನದಡಿಯಲ್ಲಿ ಈ ಕೆಳಕಂಡ ಕಾಮಗಾರಿಯನ್ನು ನಿರ್ವಹಿಸಲು ಅಸಕ್ತಿಯುಳ್ಳ ಗುತ್ತಿಗೆದಾರರಿಂದ ಟೆಂಡರ್ ಆಹ್ವಾನಿಸಿದೆ. ಕ್ರ ಸಂ : 01. ಕಾಮಗಾರಿ ಹೆಸರು : ANNUAL TENDER FOR PROVIDING 2 Nos of 4 WHEELER VEHICLE (Non-AC Car) ALONG WITH DRIVER ON HIRE BASIS FOR CMC, MADDUR FOR OFFICIAL PURPOSE. ಅಂದಾಜು ಮೊತ್ತ (ಲಕ್ಷಗಳಲ್ಲಿ) : 11.80. ಇ.ಎಂ.ಡಿ ಮೊತ್ತ : ರೂ.29,500/-. ಅನುದಾನದ ವಿವರ : ನಗರಸಭಾ ಅನುದಾನ. ಇ-ಪ್ರೊಕ್ಯೂರ್‌ಮೆಂಟ್ ಮುಖಾಂತರ ಟೆಂಡರ್ ಸಲ್ಲಿಸಲು ಕೊನೆಯ ದಿನಾಂಕ: 30-03-2026 ರ ಸಂಜೆ 5.30 ಗಂಟೆಯೊಳಗೆ ಟೆಂಡರ್ ಸಲ್ಲಿಸುವುದಾಗಿರುತ್ತದೆ. ಟೆಂಡರ್ ತೆರೆಯುವ ದಿನಾಂಕ: 02-04-2026 ಬೆಳಿಗ್ಗೆ 11.00 ಗಂಟೆಗೆ ಹೆಚ್ಚಿನ ಮಾಹಿತಿಯನ್ನು ಇ-ಪ್ರೊಕ್ಯೂರ್‌ಮೆಂಟ್ ಪೋರ್ಟಲ್ https://kppp.karnataka.gov.in ನಲ್ಲಿ ಹಾಗೂ ಕಛೇರಿ ವೇಳೆಯಲ್ಲಿ ಕಾರ್ಯಾಲಯದಲ್ಲಿ ಪಡೆಯಬಹುದಾಗಿದೆ.
ಸಹಿ/-ಪೌರಾಯುಕ್ತರು, ನಗರಸಭೆ, ಮದ್ದೂರು
ವಾವಾಸಂಇ/ಒಪ್ಪ-ಮಂ/ಕೊಸ್ಎಂಆಜ/899/2025-26
❂
ನಗರಸಭೆ ಕಾರ್ಯಾಲಯ, ನೆಲಮಂಗಲ
ಬೆಂಗಳೂರು ಗ್ರಾಮಾಂತರ ಜಿಲ್ಲೆ - 562123 ದೂ: 080-27722135
ಇ-ಮೇಲ್: ka.nelmangala.cmc@gmail.com
ಸಂಖ್ಯೆ: ನ.ಸ.ನೆ/ತಾಂತ್ರಿಕ(ಪ)/ಟೆಂಡರ್/75/2025-26 ದಿನಾಂಕ: 16/03/2026
ಟೆಂಡರ್ ಪ್ರಕಟಣೆ (ಕೆ.ಪಿ.ಪಿ ಪೋರ್ಟಲ್ ಮುಖಾಂತರ ಮಾತ್ರ)
ಸ್ಟ್ಯಾಂಡರ್ಡ್ ಡಾಕ್ಯುಮೆಂಟ್ ಕೆಡಬ್ಲ್ಯು-1&2ರ & ಕೆಲ ನಿಬಂಧನೆಗಳಂತೆ ಆರ್ ಆಹ್ವಾನಿಸಲಾಗಿದೆ.
ಪೌರಾಯುಕ್ತರು, ನಗರಸಭೆ ನೆಲಮಂಗಲ ಬೆಂಗಳೂರು ಗ್ರಾಮಾಂತರ ಜಿಲ್ಲೆ ಇವರಿಂದ 2025-26ನೇ ಸಾಲಿನ ನಗರಸಭೆ ನಿಧಿಯಡಿ ಕುಡಿಯುವ ನೀರು ಸಮಸ್ಯೆ ಬಗೆಹರಿಸಲು ವಿವಿಧ ಪ್ರದೇಶಗಳಲ್ಲಿ ಕೊಳವೆ ಬಾವಿಗಳನ್ನು ಕೊರೆದು ಪಂಪು ಮೋಟಾರ್ ಅಳವಡಿಸಲು, ಕೊಳವೆ ಬಾವಿಗಳನ್ನು ಕೊರೆಯಲು ಟೆಂಡರ್ ಕೈಗೊಳ್ಳಲು ಹಾಗೂ 2024-25ನೇ ಸಾಲಿನ ಶೇ. 24.10ರಡಿ ಉಳಿಕೆ ಕಾಮಗಾರಿಗಳನ್ನು ಮರು ಟೆಂಡರ್ ಕೈಗೊಳ್ಳಲು ಒಟ್ಟು ಮೊತ್ತ ರೂ: 104.91 ಲಕ್ಷಗಳ ಕಾಮಗಾರಿಗಳ ಟೆಂಡರ್ ಕರೆಯಲಾಗಿದೆ.
ಕ್ರ. ಸಂ.	ಇಂಡೆಂಟ್	ಅಂದಾಜು ಮೊತ್ತ ರೂ.ಲಕ್ಷಗಳಲ್ಲಿ
1	DMA/2025-26/WS/WORK_INDENT56429	49.99
2	DMA/2025-26/OW/WORK_INDENT56176	49.92
3	DMA/2024-25/OW/WORK_INDENT37584/Call-2	5.00
ಕೆ.ಪಿ.ಪಿ ಪೋರ್ಟಲ್ ಮುಖಾಂತರ ಟೆಂಡರ್‌ಗಳನ್ನು ಸಲ್ಲಿಸಲು ಕೊನೆಯ ದಿನಾಂಕ ಮತ್ತು ತೆರೆಯುವ ದಿನಾಂಕ ಮುಂತಾದ ಹೆಚ್ಚಿನ ವಿವರಗಳಿಗಾಗಿ ವೆಬ್‌ಸೈಟ್: https://kppp.karnataka.gov.in ಹಾಗೂ ನಗರಸಭೆಯ ತಾಂತ್ರಿಕ ಶಾಖೆಯನ್ನು ಸಂಪರ್ಕಿಸುವುದು.
ಸಹಿ/-
ಮಾನ್ಯ ಅಧ್ಯಕ್ಷರು
ನಗರಸಭೆ, ನೆಲಮಂಗಲ
ಸಹಿ/-
ಮಾನ್ಯ ಉಪಾಧ್ಯಕ್ಷರು
ನಗರಸಭೆ, ನೆಲಮಂಗಲ
ಸಹಿ/-
ಸಮಿತಿ ಅಧ್ಯಕ್ಷರು
ನಗರಸಭೆ, ನೆಲಮಂಗಲ
ಸಹಿ/-
ಪೌರಾಯುಕ್ತರು
ನಗರಸಭೆ, ನೆಲಮಂಗಲ
ವಾವಾಸಂಇ/ಬಜ್ಯ/6300/ಎಸ್‌ಎಂಎಸ್/2025-26
